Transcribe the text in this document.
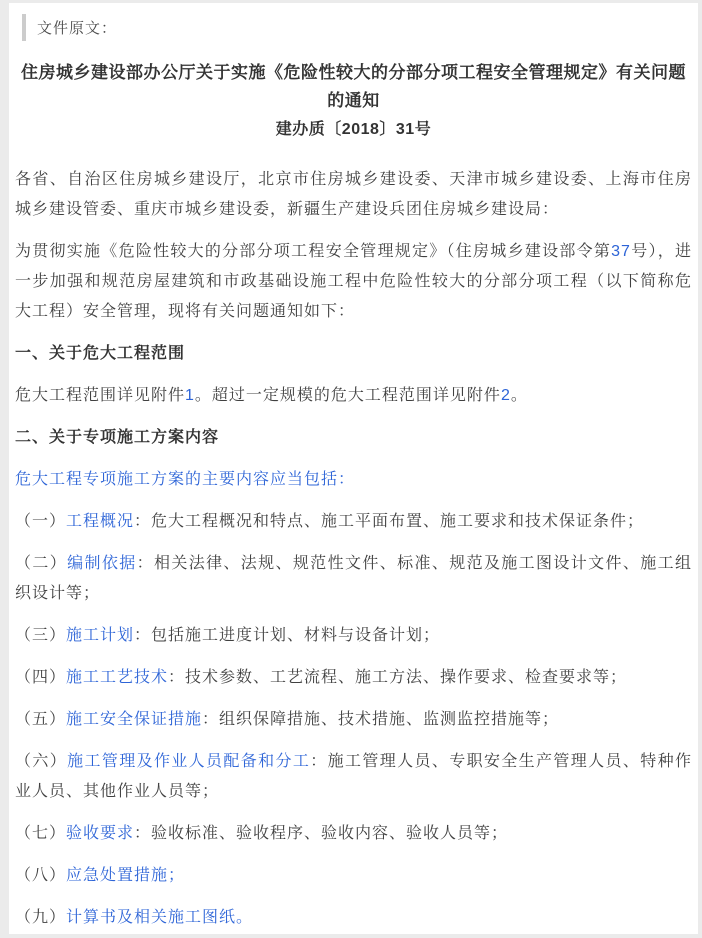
文件原文：
住房城乡建设部办公厅关于实施《危险性较大的分部分项工程安全管理规定》有关问题的通知
建办质〔2018〕31号

各省、自治区住房城乡建设厅，北京市住房城乡建设委、天津市城乡建设委、上海市住房城乡建设管委、重庆市城乡建设委，新疆生产建设兵团住房城乡建设局：

为贯彻实施《危险性较大的分部分项工程安全管理规定》（住房城乡建设部令第37号），进一步加强和规范房屋建筑和市政基础设施工程中危险性较大的分部分项工程（以下简称危大工程）安全管理，现将有关问题通知如下：

一、关于危大工程范围

危大工程范围详见附件1。超过一定规模的危大工程范围详见附件2。

二、关于专项施工方案内容

危大工程专项施工方案的主要内容应当包括：

（一）工程概况：危大工程概况和特点、施工平面布置、施工要求和技术保证条件；

（二）编制依据：相关法律、法规、规范性文件、标准、规范及施工图设计文件、施工组织设计等；

（三）施工计划：包括施工进度计划、材料与设备计划；

（四）施工工艺技术：技术参数、工艺流程、施工方法、操作要求、检查要求等；

（五）施工安全保证措施：组织保障措施、技术措施、监测监控措施等；

（六）施工管理及作业人员配备和分工：施工管理人员、专职安全生产管理人员、特种作业人员、其他作业人员等；

（七）验收要求：验收标准、验收程序、验收内容、验收人员等；

（八）应急处置措施；

（九）计算书及相关施工图纸。
